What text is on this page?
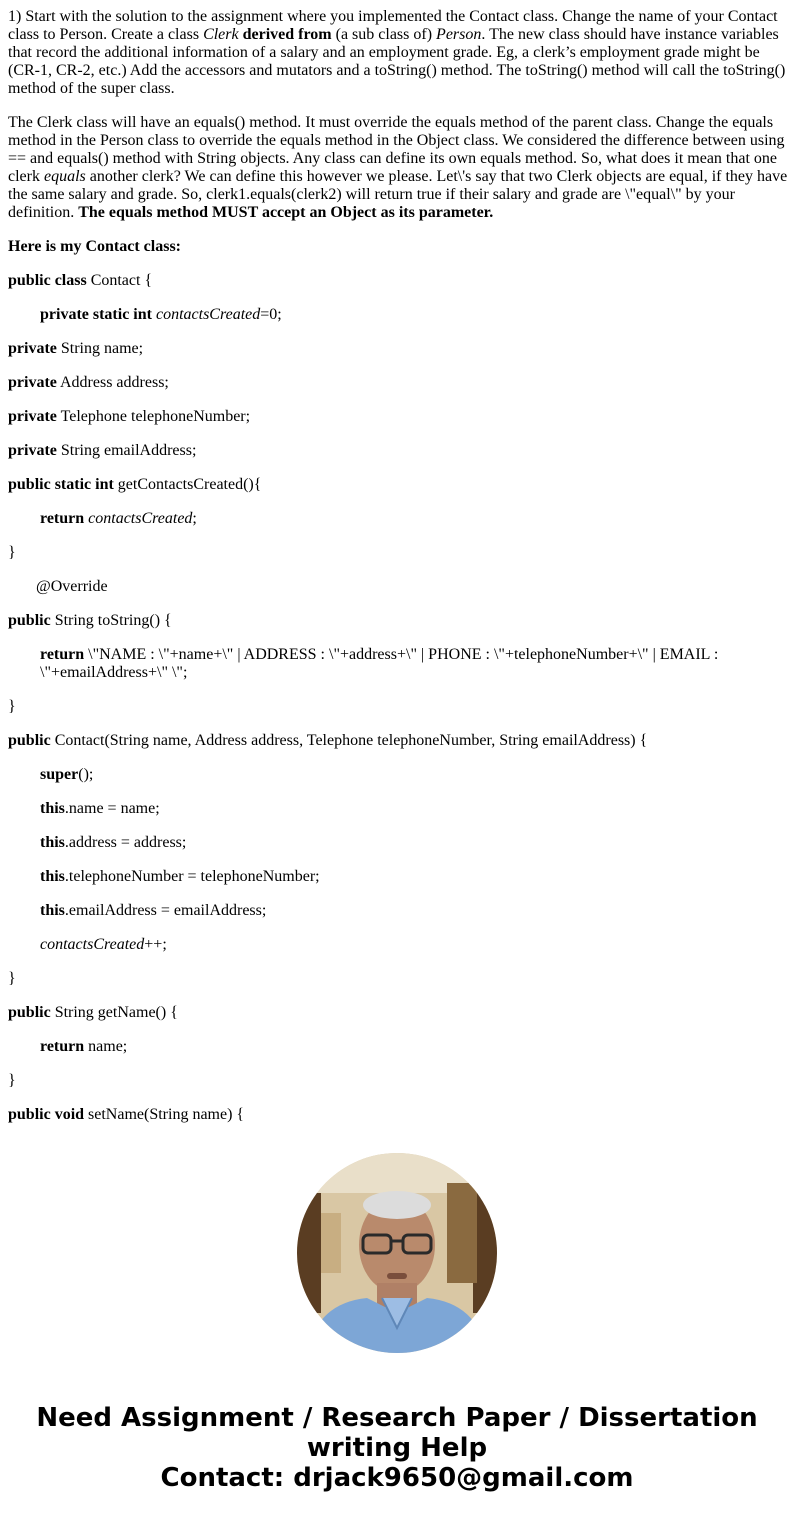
1) Start with the solution to the assignment where you implemented the Contact class. Change the name of your Contact class to Person. Create a class Clerk derived from (a sub class of) Person. The new class should have instance variables that record the additional information of a salary and an employment grade. Eg, a clerk’s employment grade might be (CR-1, CR-2, etc.) Add the accessors and mutators and a toString() method. The toString() method will call the toString() method of the super class.

The Clerk class will have an equals() method. It must override the equals method of the parent class. Change the equals method in the Person class to override the equals method in the Object class. We considered the difference between using == and equals() method with String objects. Any class can define its own equals method. So, what does it mean that one clerk equals another clerk? We can define this however we please. Let\'s say that two Clerk objects are equal, if they have the same salary and grade. So, clerk1.equals(clerk2) will return true if their salary and grade are \"equal\" by your definition. The equals method MUST accept an Object as its parameter.

Here is my Contact class:

public class Contact {

private static int contactsCreated=0;

private String name;

private Address address;

private Telephone telephoneNumber;

private String emailAddress;

public static int getContactsCreated(){

return contactsCreated;

}

@Override

public String toString() {

return \"NAME : \"+name+\" | ADDRESS : \"+address+\" | PHONE : \"+telephoneNumber+\" | EMAIL : \"+emailAddress+\" \";

}

public Contact(String name, Address address, Telephone telephoneNumber, String emailAddress) {

super();

this.name = name;

this.address = address;

this.telephoneNumber = telephoneNumber;

this.emailAddress = emailAddress;

contactsCreated++;

}

public String getName() {

return name;

}

public void setName(String name) {

Need Assignment / Research Paper / Dissertation
writing Help
Contact: drjack9650@gmail.com
